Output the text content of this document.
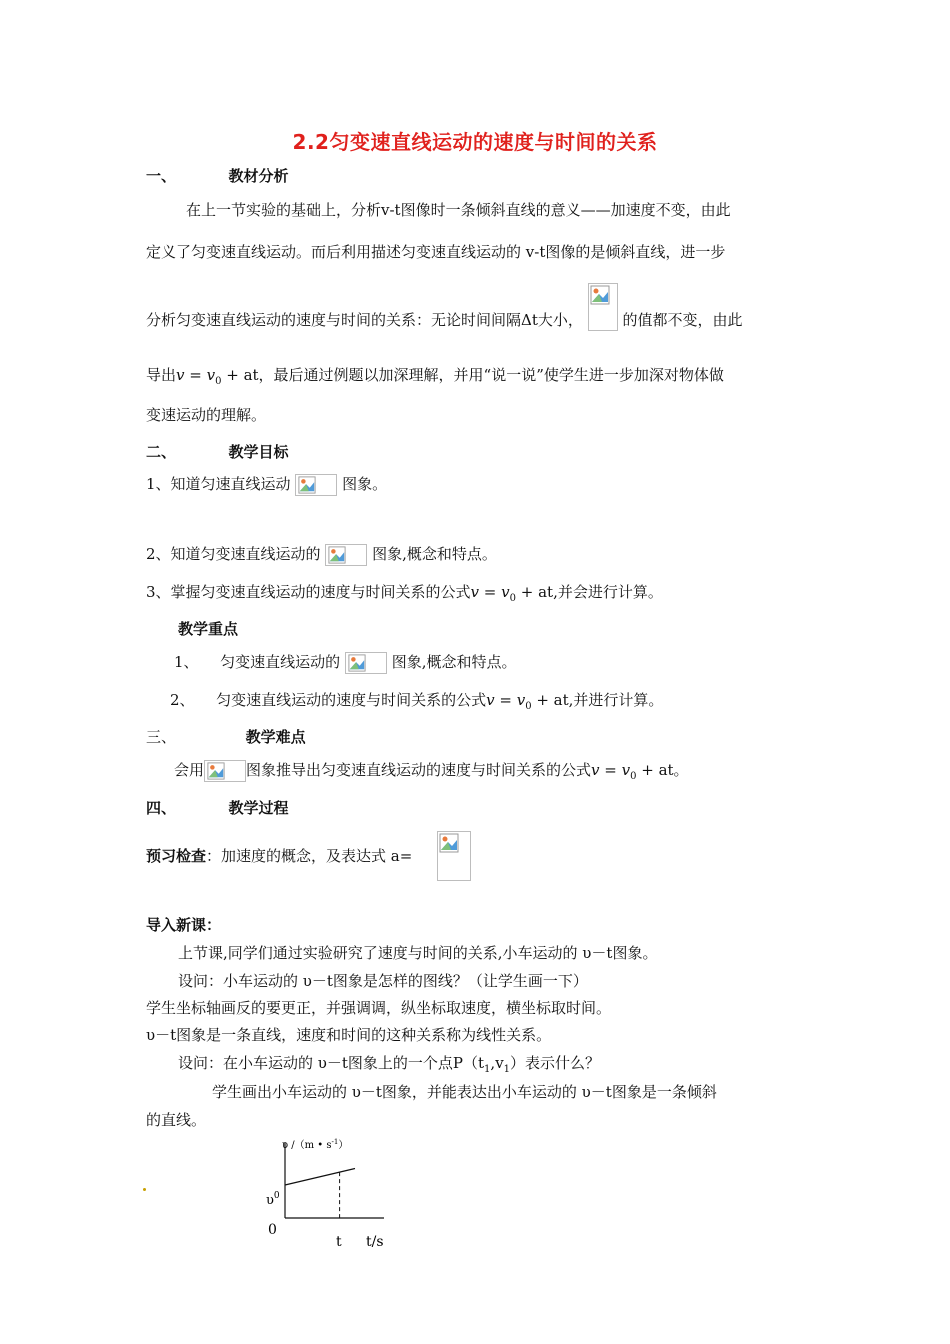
2.2匀变速直线运动的速度与时间的关系
一、	教材分析
在上一节实验的基础上，分析v-t图像时一条倾斜直线的意义——加速度不变，由此
定义了匀变速直线运动。而后利用描述匀变速直线运动的 v-t图像的是倾斜直线，进一步
分析匀变速直线运动的速度与时间的关系：无论时间间隔Δt大小，	的值都不变，由此
导出$v = v_0$ + at，最后通过例题以加深理解，并用“说一说”使学生进一步加深对物体做
变速运动的理解。
二、	教学目标
1、知道匀速直线运动	图象。
2、知道匀变速直线运动的	图象,概念和特点。
3、掌握匀变速直线运动的速度与时间关系的公式$v = v_0$ + at,并会进行计算。
教学重点
1、 匀变速直线运动的	图象,概念和特点。
2、 匀变速直线运动的速度与时间关系的公式$v = v_0$ + at,并进行计算。
三、	教学难点
会用	图象推导出匀变速直线运动的速度与时间关系的公式$v = v_0$ + at。
四、	教学过程
预习检查：加速度的概念，及表达式 a=
导入新课：
上节课,同学们通过实验研究了速度与时间的关系,小车运动的 υ－t图象。
设问：小车运动的 υ－t图象是怎样的图线？（让学生画一下）
学生坐标轴画反的要更正，并强调调，纵坐标取速度，横坐标取时间。
υ－t图象是一条直线，速度和时间的这种关系称为线性关系。
设问：在小车运动的 υ－t图象上的一个点$P(t_1,v_1)$表示什么？
学生画出小车运动的 υ－t图象，并能表达出小车运动的 υ－t图象是一条倾斜
的直线。
υ /（m • $s^{-1}$）
$\upsilon^0$
0
t t/s
